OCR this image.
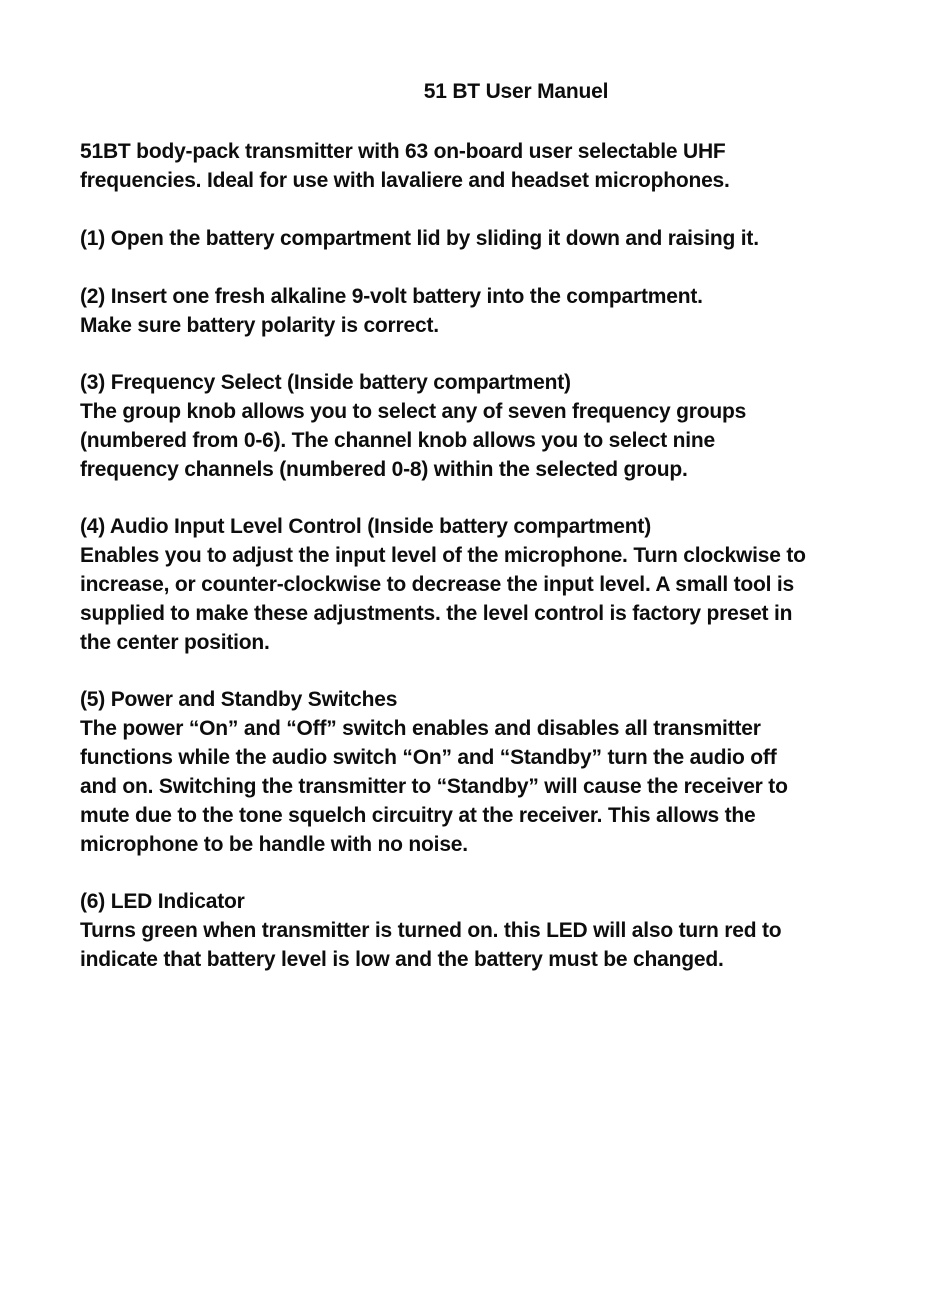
51 BT User Manuel
51BT body-pack transmitter with 63 on-board user selectable UHF
frequencies. Ideal for use with lavaliere and headset microphones.
(1) Open the battery compartment lid by sliding it down and raising it.
(2) Insert one fresh alkaline 9-volt battery into the compartment.
Make sure battery polarity is correct.
(3) Frequency Select (Inside battery compartment)
The group knob allows you to select any of seven frequency groups
(numbered from 0-6). The channel knob allows you to select nine
frequency channels (numbered 0-8) within the selected group.
(4) Audio Input Level Control (Inside battery compartment)
Enables you to adjust the input level of the microphone. Turn clockwise to
increase, or counter-clockwise to decrease the input level. A small tool is
supplied to make these adjustments. the level control is factory preset in
the center position.
(5) Power and Standby Switches
The power “On” and “Off” switch enables and disables all transmitter
functions while the audio switch “On” and “Standby” turn the audio off
and on. Switching the transmitter to “Standby” will cause the receiver to
mute due to the tone squelch circuitry at the receiver. This allows the
microphone to be handle with no noise.
(6) LED Indicator
Turns green when transmitter is turned on. this LED will also turn red to
indicate that battery level is low and the battery must be changed.
